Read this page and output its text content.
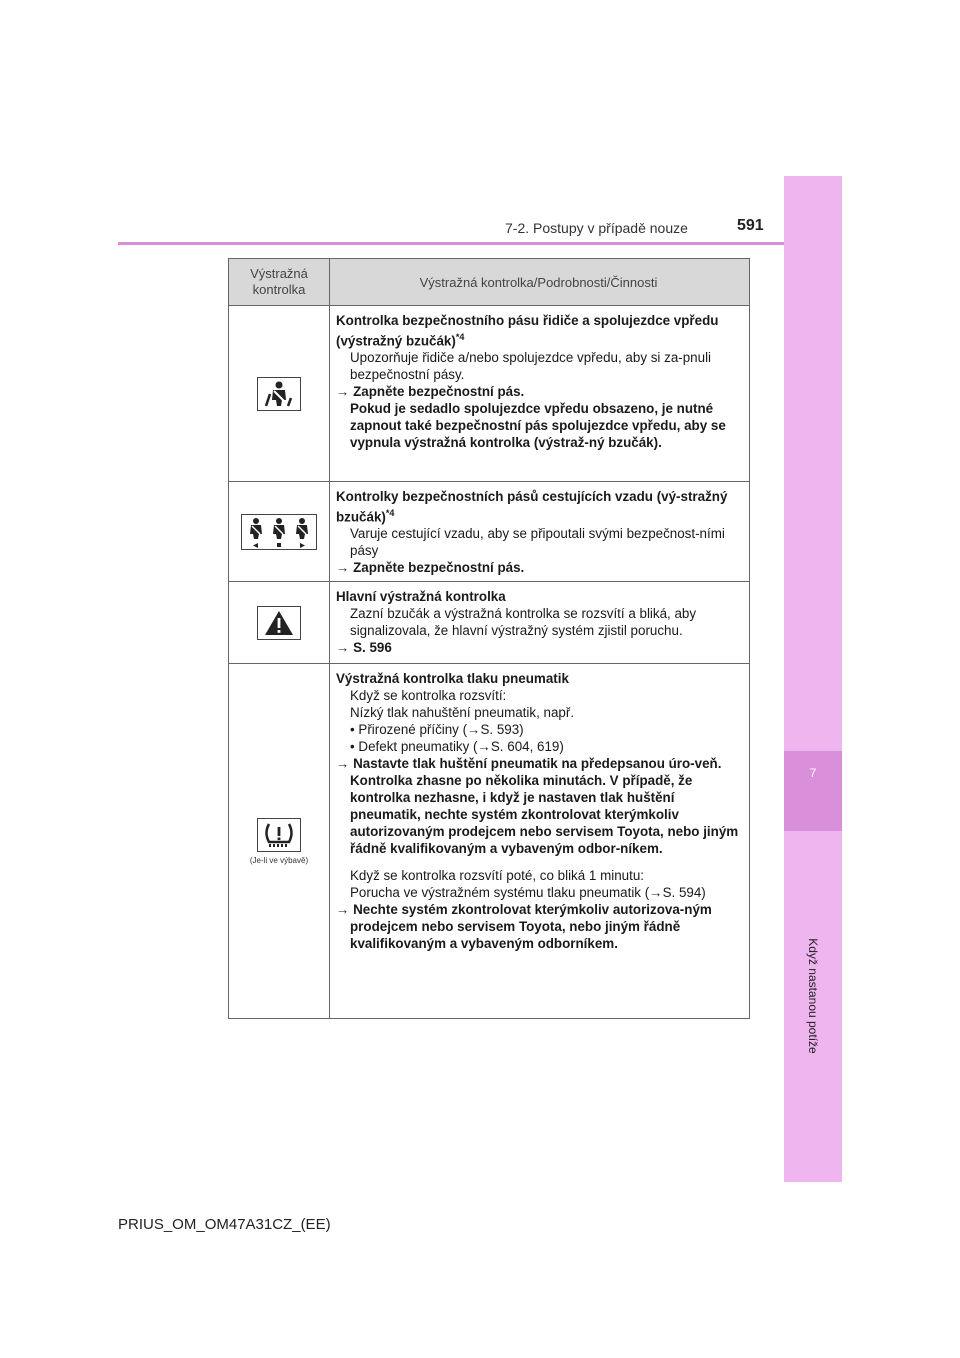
7
Když nastanou potíže
7-2. Postupy v případě nouze	591
Výstražná kontrolka	Výstražná kontrolka/Podrobnosti/Činnosti
Kontrolka bezpečnostního pásu řidiče a spolujezdce vpředu (výstražný bzučák)$^{*4}$
Upozorňuje řidiče a/nebo spolujezdce vpředu, aby si za-pnuli bezpečnostní pásy.
→ Zapněte bezpečnostní pás.
Pokud je sedadlo spolujezdce vpředu obsazeno, je nutné zapnout také bezpečnostní pás spolujezdce vpředu, aby se vypnula výstražná kontrolka (výstraž-ný bzučák).
Kontrolky bezpečnostních pásů cestujících vzadu (vý-stražný bzučák)$^{*4}$
Varuje cestující vzadu, aby se připoutali svými bezpečnost-ními pásy
→ Zapněte bezpečnostní pás.
Hlavní výstražná kontrolka
Zazní bzučák a výstražná kontrolka se rozsvítí a bliká, aby signalizovala, že hlavní výstražný systém zjistil poruchu.
→ S. 596
(Je-li ve výbavě)
Výstražná kontrolka tlaku pneumatik
Když se kontrolka rozsvítí:
Nízký tlak nahuštění pneumatik, např.
• Přirozené příčiny (→S. 593)
• Defekt pneumatiky (→S. 604, 619)
→ Nastavte tlak huštění pneumatik na předepsanou úro-veň.
Kontrolka zhasne po několika minutách. V případě, že kontrolka nezhasne, i když je nastaven tlak huštění pneumatik, nechte systém zkontrolovat kterýmkoliv autorizovaným prodejcem nebo servisem Toyota, nebo jiným řádně kvalifikovaným a vybaveným odbor-níkem.
Když se kontrolka rozsvítí poté, co bliká 1 minutu:
Porucha ve výstražném systému tlaku pneumatik (→S. 594)
→ Nechte systém zkontrolovat kterýmkoliv autorizova-ným prodejcem nebo servisem Toyota, nebo jiným řádně kvalifikovaným a vybaveným odborníkem.
PRIUS_OM_OM47A31CZ_(EE)
